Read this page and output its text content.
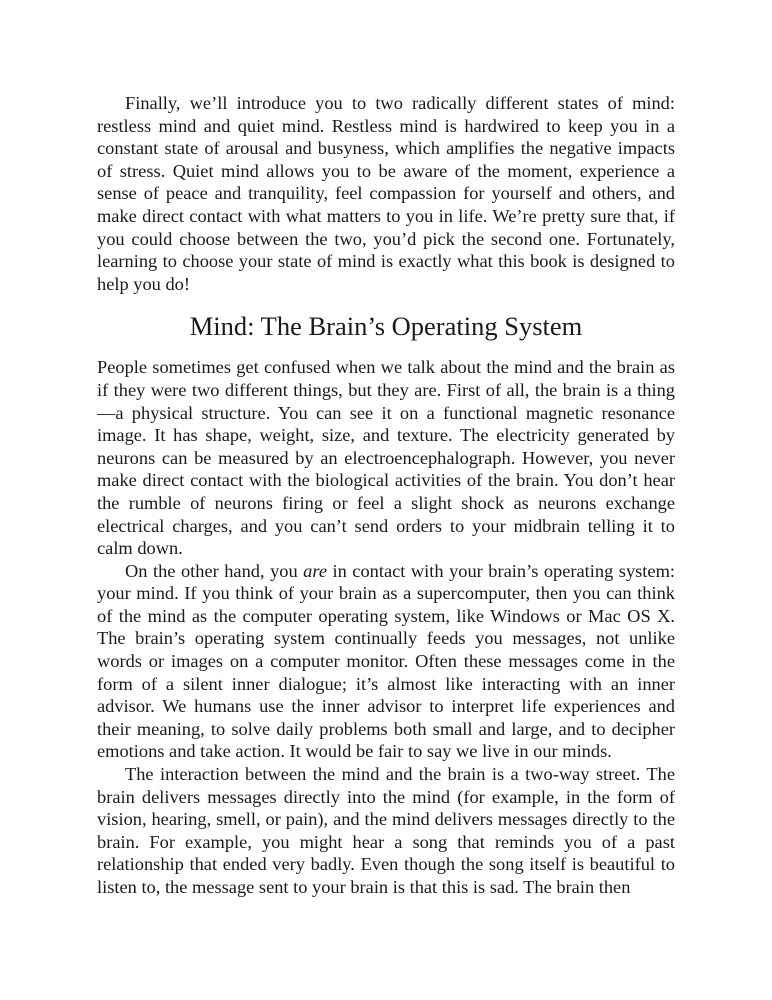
Finally, we’ll introduce you to two radically different states of mind: restless mind and quiet mind. Restless mind is hardwired to keep you in a constant state of arousal and busyness, which amplifies the negative impacts of stress. Quiet mind allows you to be aware of the moment, experience a sense of peace and tranquility, feel compassion for yourself and others, and make direct contact with what matters to you in life. We’re pretty sure that, if you could choose between the two, you’d pick the second one. Fortunately, learning to choose your state of mind is exactly what this book is designed to help you do!

Mind: The Brain’s Operating System

People sometimes get confused when we talk about the mind and the brain as if they were two different things, but they are. First of all, the brain is a thing—a physical structure. You can see it on a functional magnetic resonance image. It has shape, weight, size, and texture. The electricity generated by neurons can be measured by an electroencephalograph. However, you never make direct contact with the biological activities of the brain. You don’t hear the rumble of neurons firing or feel a slight shock as neurons exchange electrical charges, and you can’t send orders to your midbrain telling it to calm down.

On the other hand, you are in contact with your brain’s operating system: your mind. If you think of your brain as a supercomputer, then you can think of the mind as the computer operating system, like Windows or Mac OS X. The brain’s operating system continually feeds you messages, not unlike words or images on a computer monitor. Often these messages come in the form of a silent inner dialogue; it’s almost like interacting with an inner advisor. We humans use the inner advisor to interpret life experiences and their meaning, to solve daily problems both small and large, and to decipher emotions and take action. It would be fair to say we live in our minds.

The interaction between the mind and the brain is a two-way street. The brain delivers messages directly into the mind (for example, in the form of vision, hearing, smell, or pain), and the mind delivers messages directly to the brain. For example, you might hear a song that reminds you of a past relationship that ended very badly. Even though the song itself is beautiful to listen to, the message sent to your brain is that this is sad. The brain then
